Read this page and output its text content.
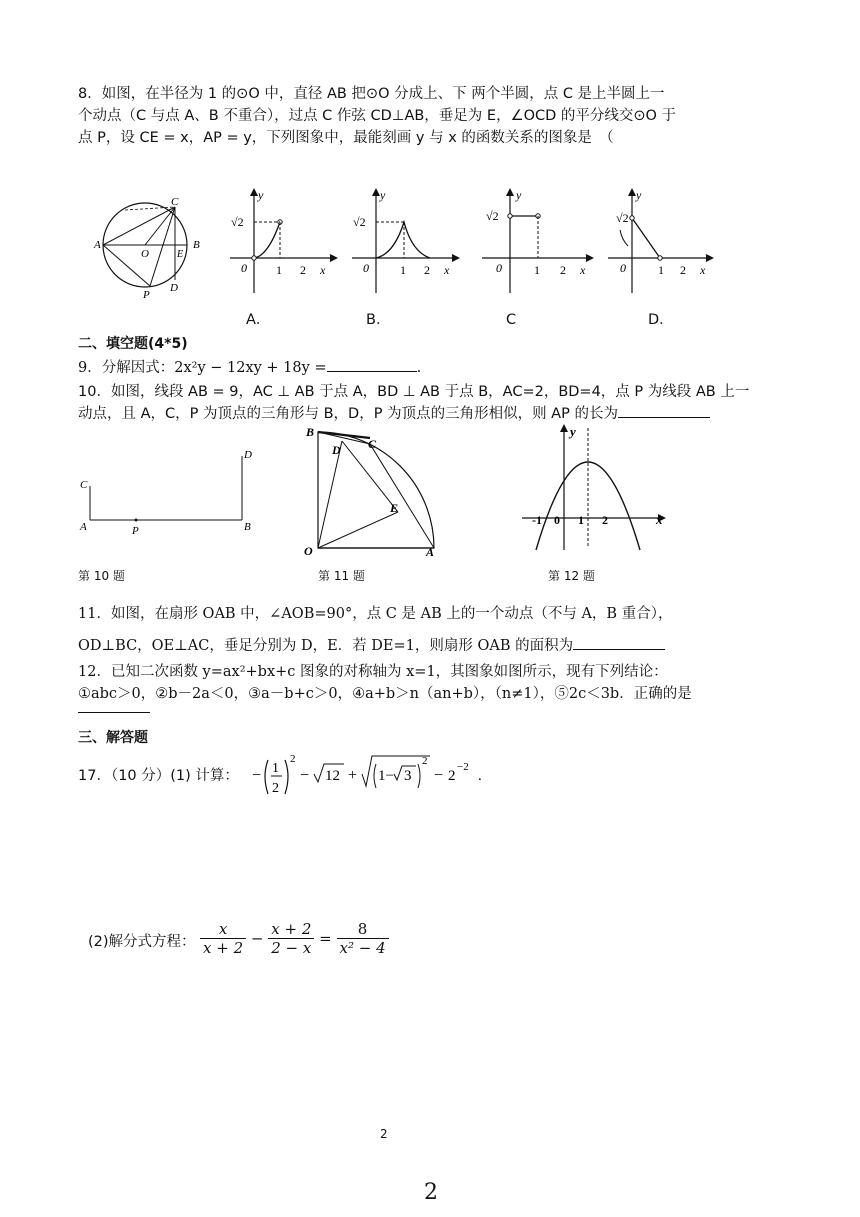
8．如图，在半径为 1 的⊙O 中，直径 AB 把⊙O 分成上、下 两个半圆，点 C 是上半圆上一
个动点（C 与点 A、B 不重合），过点 C 作弦 CD⊥AB，垂足为 E，∠OCD 的平分线交⊙O 于
点 P，设 CE = x，AP = y，下列图象中，最能刻画 y 与 x 的函数关系的图象是　（
C
A	B
O	E
D
P
y
√2
0 1 2 x
y
√2
0	1 2 x
y
√2
0	1 2 x
y
√2
0	1 2 x
A．	B．	C	D．
二、填空题(4*5)
9．分解因式：2x²y − 12xy + 18y =	.
10．如图，线段 AB = 9，AC ⊥ AB 于点 A，BD ⊥ AB 于点 B，AC=2，BD=4，点 P 为线段 AB 上一
动点，且 A，C，P 为顶点的三角形与 B，D，P 为顶点的三角形相似，则 AP 的长为
C
D
A	P	B
B
D C
E
O	A
y
-1 0 1 2	x
第 10 题	第 11 题	第 12 题
11．如图，在扇形 OAB 中，∠AOB=90°，点 C 是 AB 上的一个动点（不与 A，B 重合），
OD⊥BC，OE⊥AC，垂足分别为 D，E．若 DE=1，则扇形 OAB 的面积为
12．已知二次函数 y=ax²+bx+c 图象的对称轴为 x=1，其图象如图所示，现有下列结论：
①abc＞0，②b－2a＜0，③a－b+c＞0，④a+b＞n（an+b），（n≠1），⑤2c＜3b．正确的是
三、解答题
17．（10 分）(1) 计算： − 1
2
2
− 12 + 1− 3
2
− 2
−2
.
(2)解分式方程： $\frac{x}{x + 2} - \frac{x + 2}{2 - x} = \frac{8}{\text{x² − 4}}$
2
2
